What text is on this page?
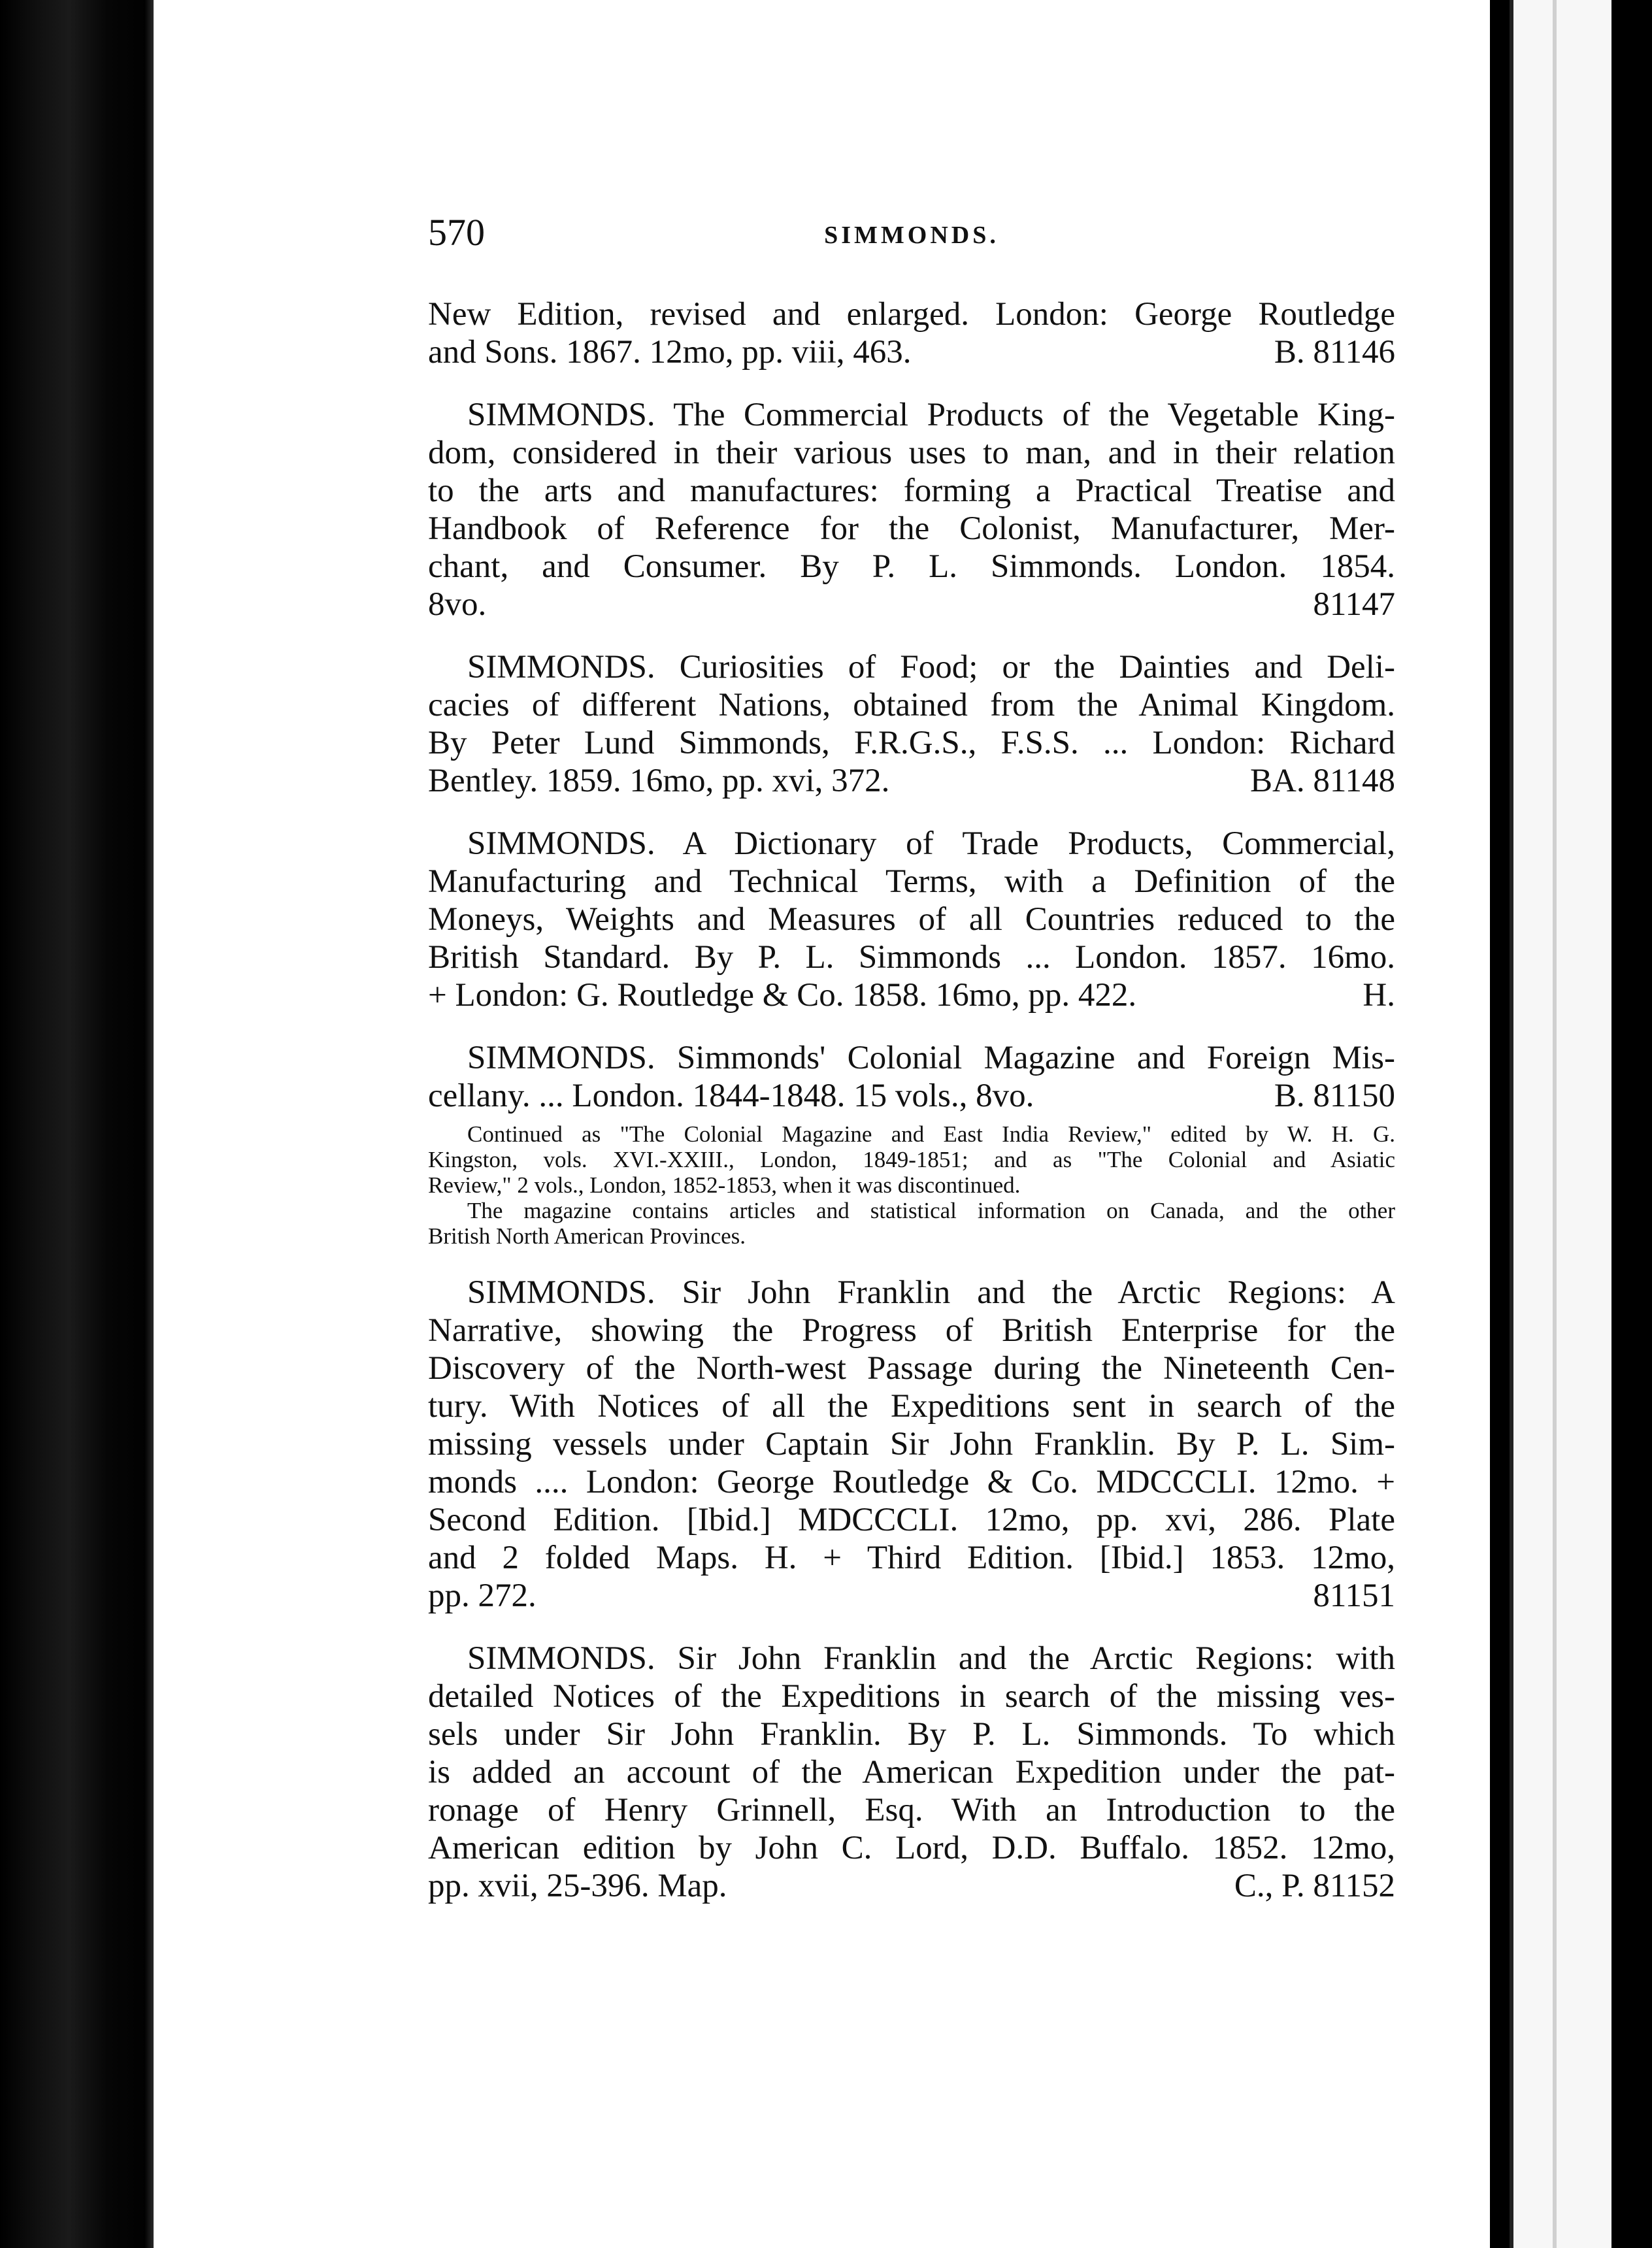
570	SIMMONDS.

New Edition, revised and enlarged. London: George Routledge

and Sons. 1867. 12mo, pp. viii, 463.	B. 81146

SIMMONDS. The Commercial Products of the Vegetable King-

dom, considered in their various uses to man, and in their relation

to the arts and manufactures: forming a Practical Treatise and

Handbook of Reference for the Colonist, Manufacturer, Mer-

chant, and Consumer. By P. L. Simmonds. London. 1854.

8vo.	81147

SIMMONDS. Curiosities of Food; or the Dainties and Deli-

cacies of different Nations, obtained from the Animal Kingdom.

By Peter Lund Simmonds, F.R.G.S., F.S.S. ... London: Richard

Bentley. 1859. 16mo, pp. xvi, 372.	BA. 81148

SIMMONDS. A Dictionary of Trade Products, Commercial,

Manufacturing and Technical Terms, with a Definition of the

Moneys, Weights and Measures of all Countries reduced to the

British Standard. By P. L. Simmonds ... London. 1857. 16mo.

+ London: G. Routledge & Co. 1858. 16mo, pp. 422.	H.

SIMMONDS. Simmonds' Colonial Magazine and Foreign Mis-

cellany. ... London. 1844-1848. 15 vols., 8vo.	B. 81150

Continued as "The Colonial Magazine and East India Review," edited by W. H. G.

Kingston, vols. XVI.-XXIII., London, 1849-1851; and as "The Colonial and Asiatic

Review," 2 vols., London, 1852-1853, when it was discontinued.

The magazine contains articles and statistical information on Canada, and the other

British North American Provinces.

SIMMONDS. Sir John Franklin and the Arctic Regions: A

Narrative, showing the Progress of British Enterprise for the

Discovery of the North-west Passage during the Nineteenth Cen-

tury. With Notices of all the Expeditions sent in search of the

missing vessels under Captain Sir John Franklin. By P. L. Sim-

monds .... London: George Routledge & Co. MDCCCLI. 12mo. +

Second Edition. [Ibid.] MDCCCLI. 12mo, pp. xvi, 286. Plate

and 2 folded Maps. H. + Third Edition. [Ibid.] 1853. 12mo,

pp. 272.	81151

SIMMONDS. Sir John Franklin and the Arctic Regions: with

detailed Notices of the Expeditions in search of the missing ves-

sels under Sir John Franklin. By P. L. Simmonds. To which

is added an account of the American Expedition under the pat-

ronage of Henry Grinnell, Esq. With an Introduction to the

American edition by John C. Lord, D.D. Buffalo. 1852. 12mo,

pp. xvii, 25-396. Map.	C., P. 81152
